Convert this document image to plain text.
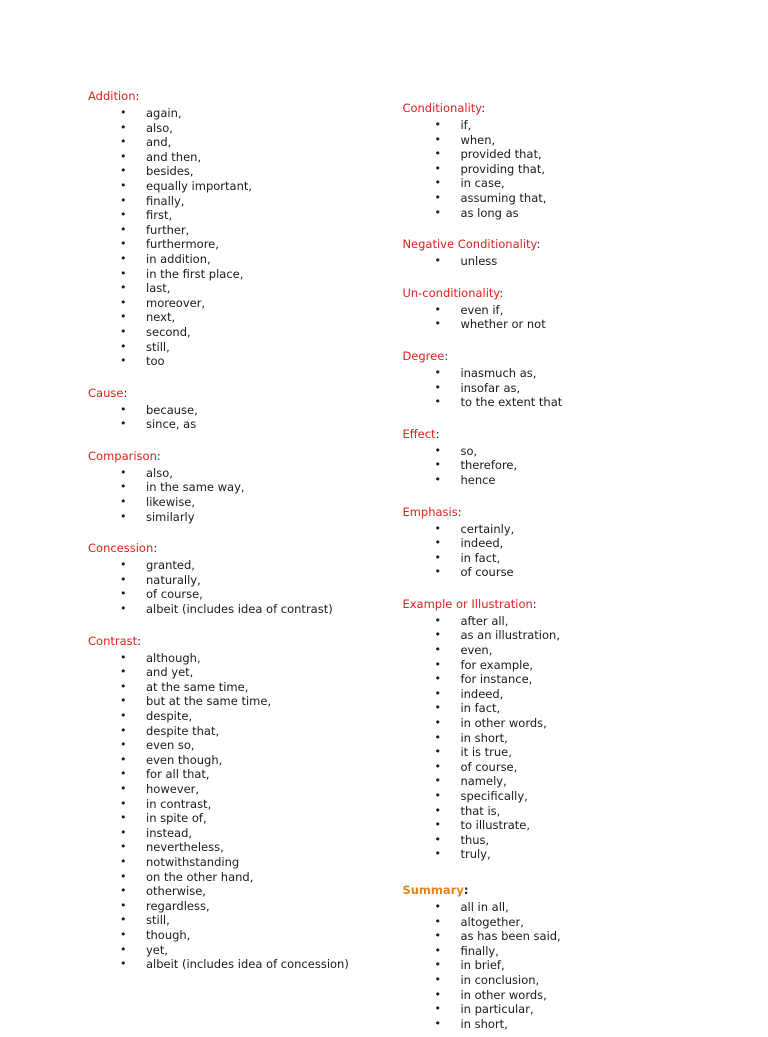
Addition:
• again,
• also,
• and,
• and then,
• besides,
• equally important,
• finally,
• first,
• further,
• furthermore,
• in addition,
• in the first place,
• last,
• moreover,
• next,
• second,
• still,
• too
Cause:
• because,
• since, as
Comparison:
• also,
• in the same way,
• likewise,
• similarly
Concession:
• granted,
• naturally,
• of course,
• albeit (includes idea of contrast)
Contrast:
• although,
• and yet,
• at the same time,
• but at the same time,
• despite,
• despite that,
• even so,
• even though,
• for all that,
• however,
• in contrast,
• in spite of,
• instead,
• nevertheless,
• notwithstanding
• on the other hand,
• otherwise,
• regardless,
• still,
• though,
• yet,
• albeit (includes idea of concession)
Conditionality:
• if,
• when,
• provided that,
• providing that,
• in case,
• assuming that,
• as long as
Negative Conditionality:
• unless
Un-conditionality:
• even if,
• whether or not
Degree:
• inasmuch as,
• insofar as,
• to the extent that
Effect:
• so,
• therefore,
• hence
Emphasis:
• certainly,
• indeed,
• in fact,
• of course
Example or Illustration:
• after all,
• as an illustration,
• even,
• for example,
• for instance,
• indeed,
• in fact,
• in other words,
• in short,
• it is true,
• of course,
• namely,
• specifically,
• that is,
• to illustrate,
• thus,
• truly,
Summary:
• all in all,
• altogether,
• as has been said,
• finally,
• in brief,
• in conclusion,
• in other words,
• in particular,
• in short,
